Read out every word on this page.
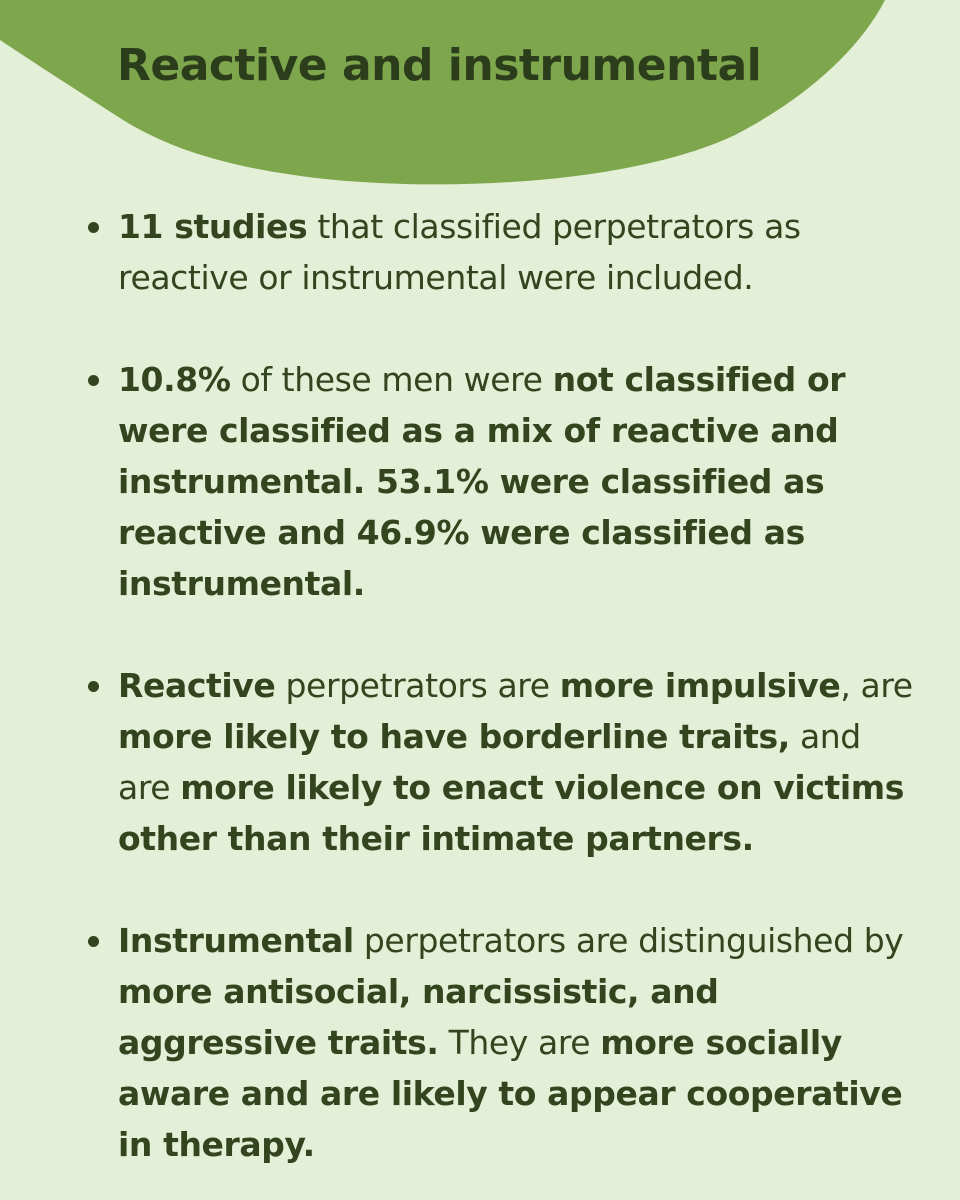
Reactive and instrumental
11 studies that classified perpetrators as reactive or instrumental were included.
10.8% of these men were not classified or were classified as a mix of reactive and instrumental. 53.1% were classified as reactive and 46.9% were classified as instrumental.
Reactive perpetrators are more impulsive, are more likely to have borderline traits, and are more likely to enact violence on victims other than their intimate partners.
Instrumental perpetrators are distinguished by more antisocial, narcissistic, and aggressive traits. They are more socially aware and are likely to appear cooperative in therapy.
